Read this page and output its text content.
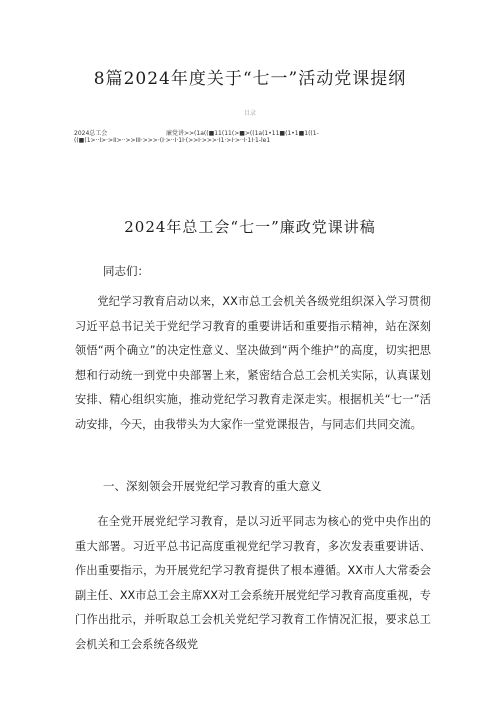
8篇2024年度关于“七一”活动党课提纲
目录
2024总工会	廉党讲>>(1a((■11(11(>■>((1a(1•11■(1•1■1((1-
((■(1>··I>·>II>··>>III·>>>·(I·>··I·1I·(>>I·>>>·I1·>I·>··I·1I·1-le1
2024年总工会“七一”廉政党课讲稿
同志们：

党纪学习教育启动以来，XX市总工会机关各级党组织深入学习贯彻习近平总书记关于党纪学习教育的重要讲话和重要指示精神，站在深刻领悟“两个确立”的决定性意义、坚决做到“两个维护”的高度，切实把思想和行动统一到党中央部署上来，紧密结合总工会机关实际，认真谋划安排、精心组织实施，推动党纪学习教育走深走实。根据机关“七一”活动安排，今天，由我带头为大家作一堂党课报告，与同志们共同交流。

一、深刻领会开展党纪学习教育的重大意义

在全党开展党纪学习教育，是以习近平同志为核心的党中央作出的重大部署。习近平总书记高度重视党纪学习教育，多次发表重要讲话、作出重要指示，为开展党纪学习教育提供了根本遵循。XX市人大常委会副主任、XX市总工会主席XX对工会系统开展党纪学习教育高度重视，专门作出批示，并听取总工会机关党纪学习教育工作情况汇报，要求总工会机关和工会系统各级党
